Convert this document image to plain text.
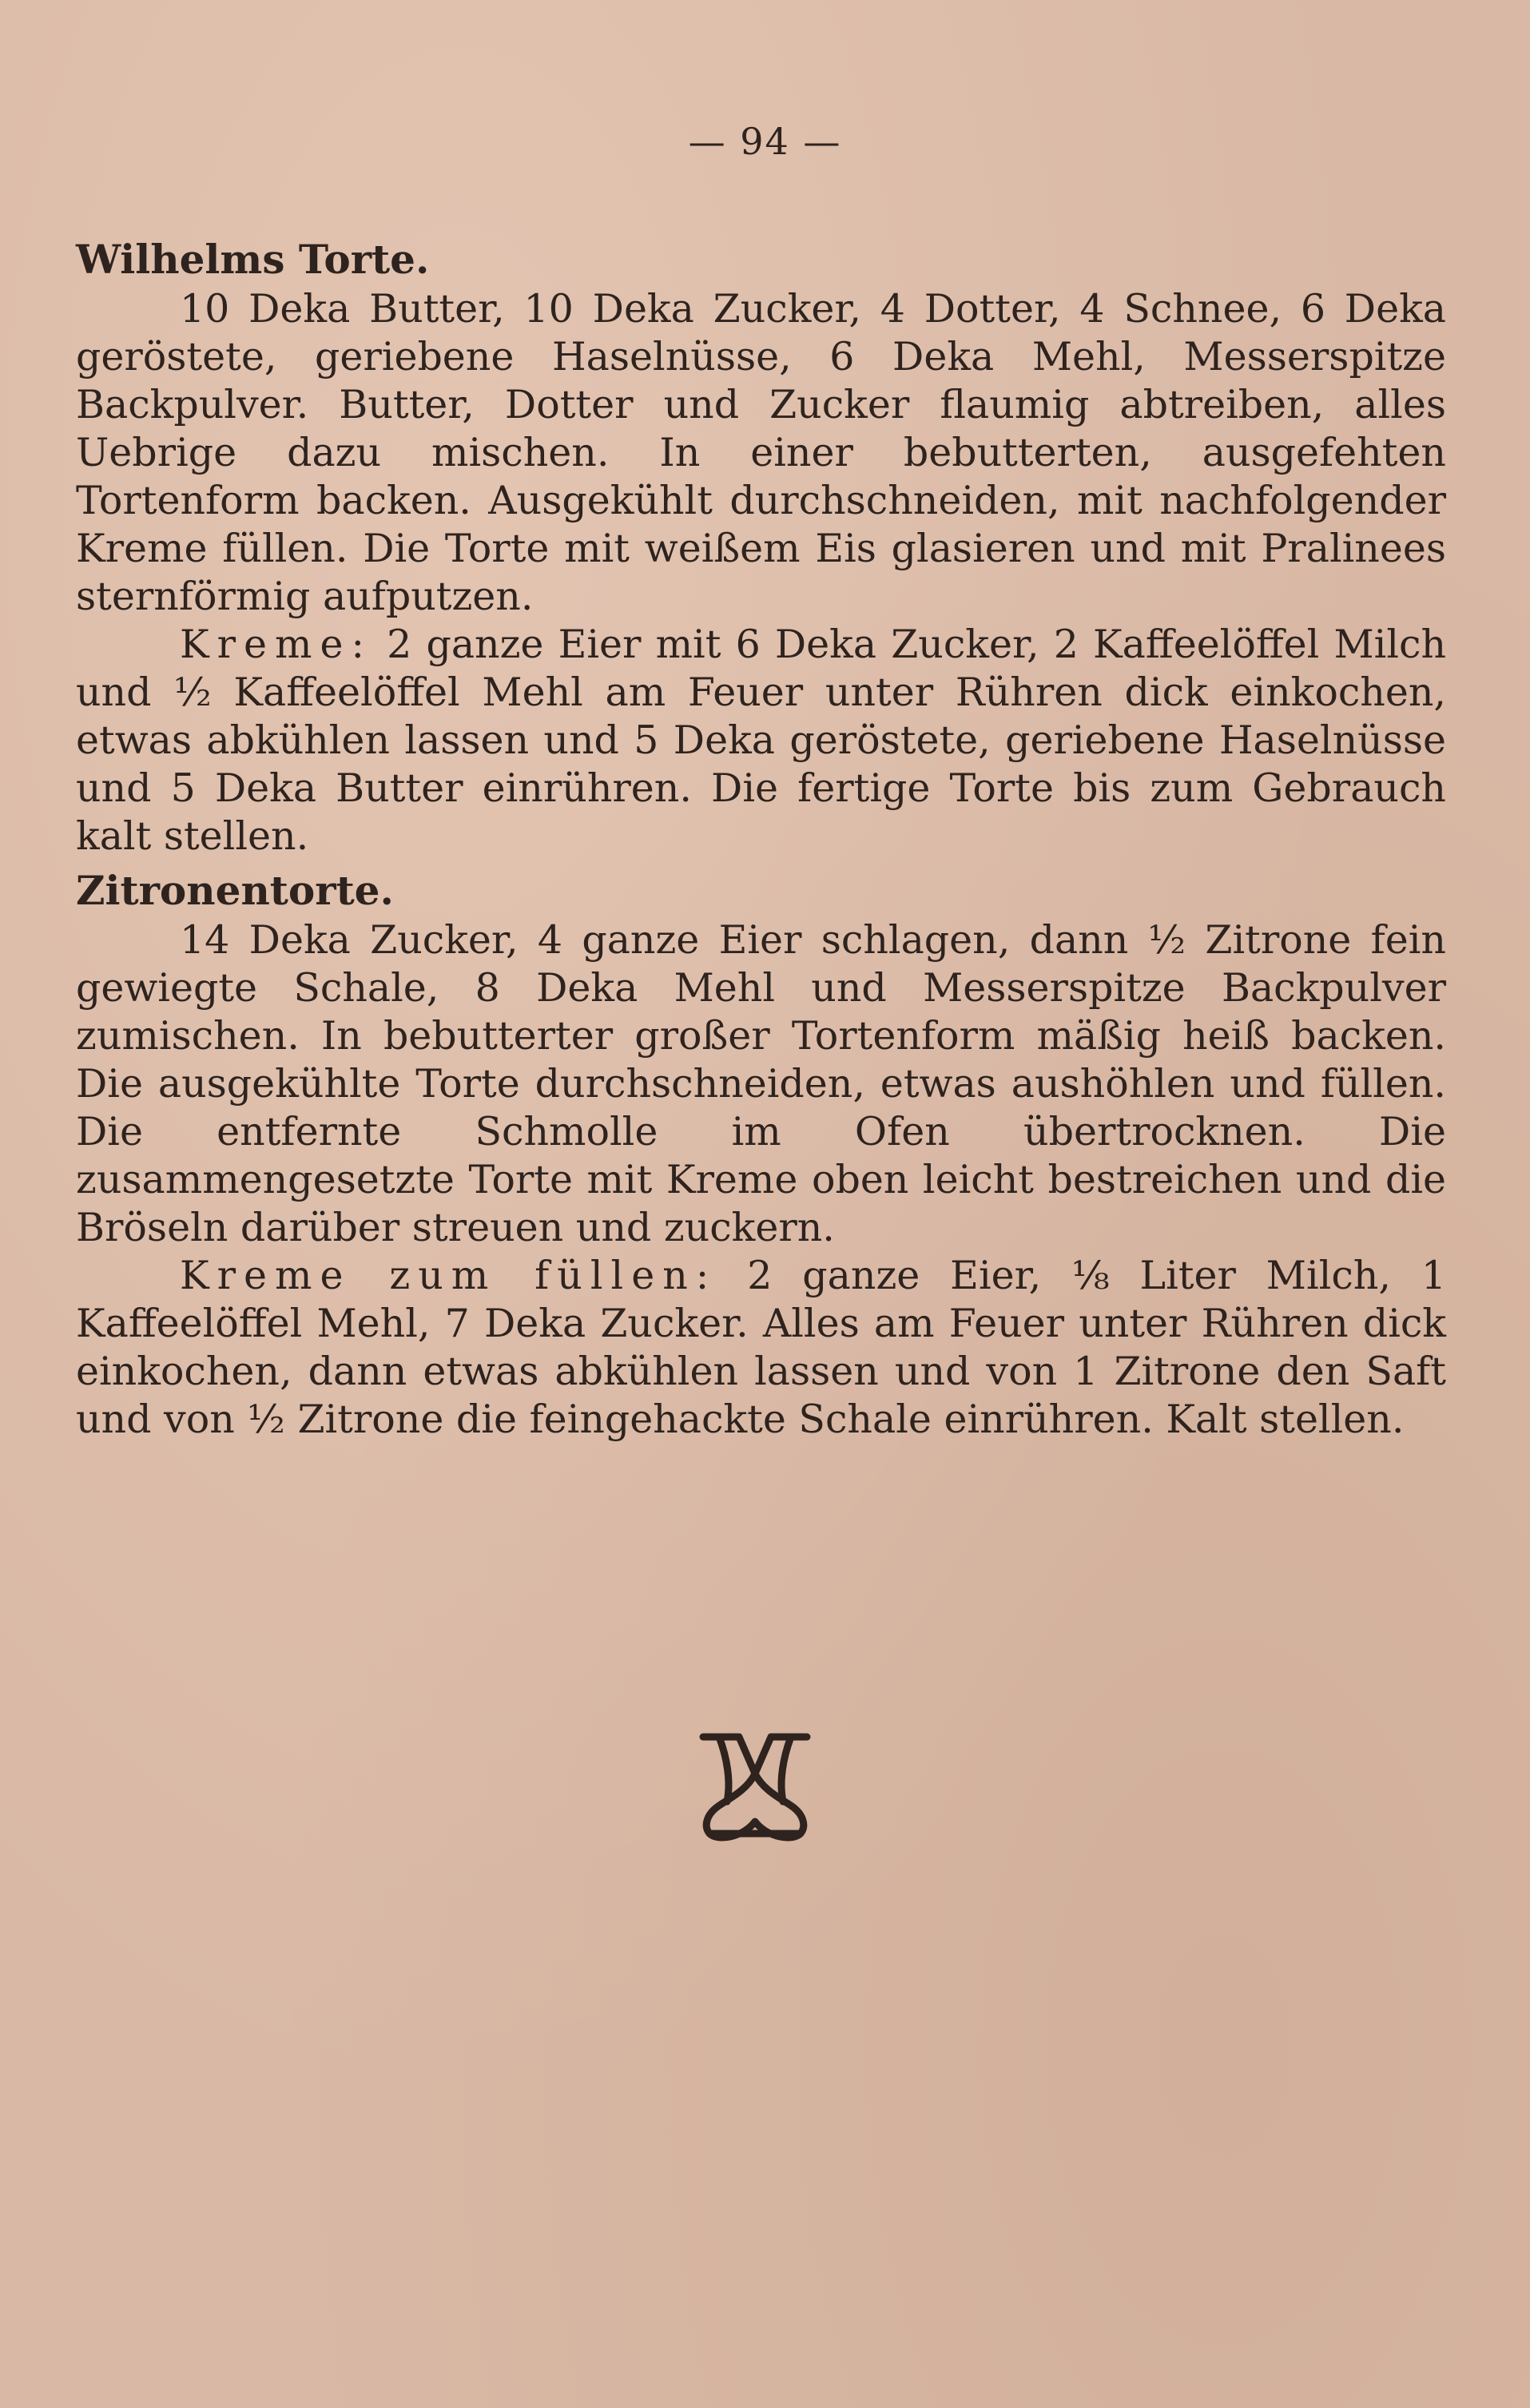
— 94 —
Wilhelms Torte.

10 Deka Butter, 10 Deka Zucker, 4 Dotter, 4 Schnee, 6 Deka geröstete, geriebene Haselnüsse, 6 Deka Mehl, Messerspitze Backpulver. Butter, Dotter und Zucker flaumig abtreiben, alles Uebrige dazu mischen. In einer bebutterten, ausgefehten Tortenform backen. Ausgekühlt durchschneiden, mit nachfolgender Kreme füllen. Die Torte mit weißem Eis glasieren und mit Pralinees sternförmig aufputzen.

Kreme: 2 ganze Eier mit 6 Deka Zucker, 2 Kaffeelöffel Milch und ½ Kaffeelöffel Mehl am Feuer unter Rühren dick einkochen, etwas abkühlen lassen und 5 Deka geröstete, geriebene Haselnüsse und 5 Deka Butter einrühren. Die fertige Torte bis zum Gebrauch kalt stellen.

Zitronentorte.

14 Deka Zucker, 4 ganze Eier schlagen, dann ½ Zitrone fein gewiegte Schale, 8 Deka Mehl und Messerspitze Backpulver zumischen. In bebutterter großer Tortenform mäßig heiß backen. Die ausgekühlte Torte durchschneiden, etwas aushöhlen und füllen. Die entfernte Schmolle im Ofen übertrocknen. Die zusammengesetzte Torte mit Kreme oben leicht bestreichen und die Bröseln darüber streuen und zuckern.

Kreme zum füllen: 2 ganze Eier, ⅛ Liter Milch, 1 Kaffeelöffel Mehl, 7 Deka Zucker. Alles am Feuer unter Rühren dick einkochen, dann etwas abkühlen lassen und von 1 Zitrone den Saft und von ½ Zitrone die feingehackte Schale einrühren. Kalt stellen.
